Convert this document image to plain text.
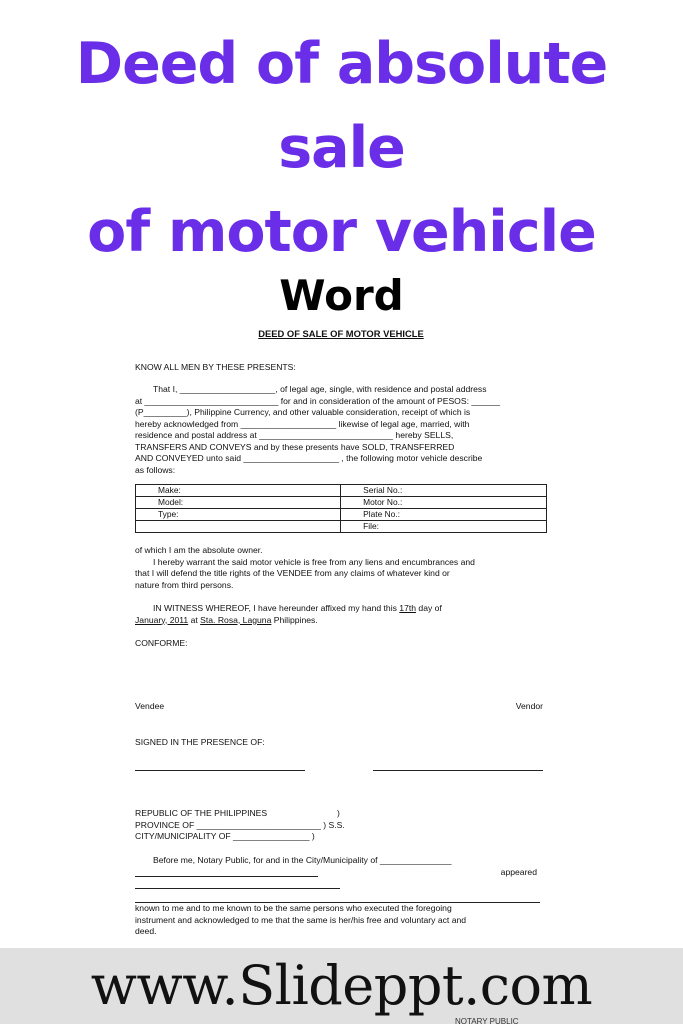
Deed of absolute
sale
of motor vehicle
Word
DEED OF SALE OF MOTOR VEHICLE
KNOW ALL MEN BY THESE PRESENTS:
That I, ____________________, of legal age, single, with residence and postal address
at ____________________________ for and in consideration of the amount of PESOS: ______
(P_________), Philippine Currency, and other valuable consideration, receipt of which is
hereby acknowledged from ____________________ likewise of legal age, married, with
residence and postal address at ____________________________ hereby SELLS,
TRANSFERS AND CONVEYS and by these presents have SOLD, TRANSFERRED
AND CONVEYED unto said ____________________ , the following motor vehicle describe
as follows:
Make:		Serial No.:
Model:		Motor No.:
Type:		Plate No.:
		File:
of which I am the absolute owner.
I hereby warrant the said motor vehicle is free from any liens and encumbrances and
that I will defend the title rights of the VENDEE from any claims of whatever kind or
nature from third persons.
IN WITNESS WHEREOF, I have hereunder affixed my hand this 17th day of
January, 2011 at Sta. Rosa, Laguna Philippines.
CONFORME:
Vendee	Vendor
SIGNED IN THE PRESENCE OF:
REPUBLIC OF THE PHILIPPINES	)
PROVINCE OF __________________________ ) S.S.
CITY/MUNICIPALITY OF ________________ )
Before me, Notary Public, for and in the City/Municipality of _______________
appeared
known to me and to me known to be the same persons who executed the foregoing
instrument and acknowledged to me that the same is her/his free and voluntary act and
deed.
www.Slideppt.com
NOTARY PUBLIC
